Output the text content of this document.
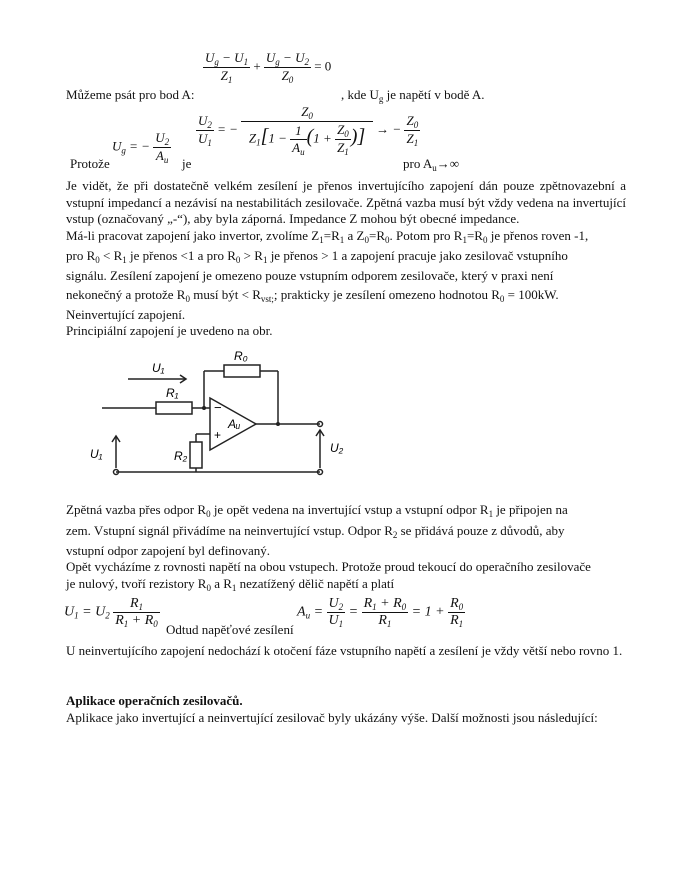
$\frac{U_g - U_1}{Z_1} + \frac{U_g - U_2}{Z_0} = 0$
Můžeme psát pro bod A:	, kde $U_g$ je napětí v bodě A.
$U_g$ = − $\frac{U_2}{A_u} \frac{U_2}{U_1}$ = − $\frac{Z_0}{Z_1[1 - \frac{1}{A_u} (1 + \frac{Z_0}{Z_1} )]}$ → − $\frac{Z_0}{Z_1}$
Protože	je	pro $A_u\to\infty$
Je vidět, že při dostatečně velkém zesílení je přenos invertujícího zapojení dán pouze zpětnovazební a vstupní impedancí a nezávisí na nestabilitách zesilovače. Zpětná vazba musí být vždy vedena na invertující vstup (označovaný „-“), aby byla záporná. Impedance Z mohou být obecné impedance.
Má-li pracovat zapojení jako invertor, zvolíme $Z_1=R_1$ a $Z_0=R_0$. Potom pro $R_1=R_0$ je přenos roven -1,
pro $R_0 < R_1$ je přenos <1 a pro $R_0 > R_1$ je přenos > 1 a zapojení pracuje jako zesilovač vstupního
signálu. Zesílení zapojení je omezeno pouze vstupním odporem zesilovače, který v praxi není
nekonečný a protože $R_0$ musí být < $R_{vst;}$; prakticky je zesílení omezeno hodnotou $R_0 = 100kW$.
Neinvertující zapojení.
Principiální zapojení je uvedeno na obr.
U₁
R₀
R₁
−
+
Aᵤ
U₁	R₂
U₂
Zpětná vazba přes odpor $R_0$ je opět vedena na invertující vstup a vstupní odpor $R_1$ je připojen na
zem. Vstupní signál přivádíme na neinvertující vstup. Odpor $R_2$ se přidává pouze z důvodů, aby
vstupní odpor zapojení byl definovaný.
Opět vycházíme z rovnosti napětí na obou vstupech. Protože proud tekoucí do operačního zesilovače
je nulový, tvoří rezistory $R_0$ a $R_1$ nezatížený dělič napětí a platí
$U_1 = U_2 \frac{R_1}{R_1 + R_0}$
Odtud napěťové zesílení
$A_u = \frac{U_2}{U_1} = \frac{R_1 + R_0}{R_1} = 1 + \frac{R_0}{R_1}$
U neinvertujícího zapojení nedochází k otočení fáze vstupního napětí a zesílení je vždy větší nebo rovno 1.
Aplikace operačních zesilovačů.
Aplikace jako invertující a neinvertující zesilovač byly ukázány výše. Další možnosti jsou následující:
